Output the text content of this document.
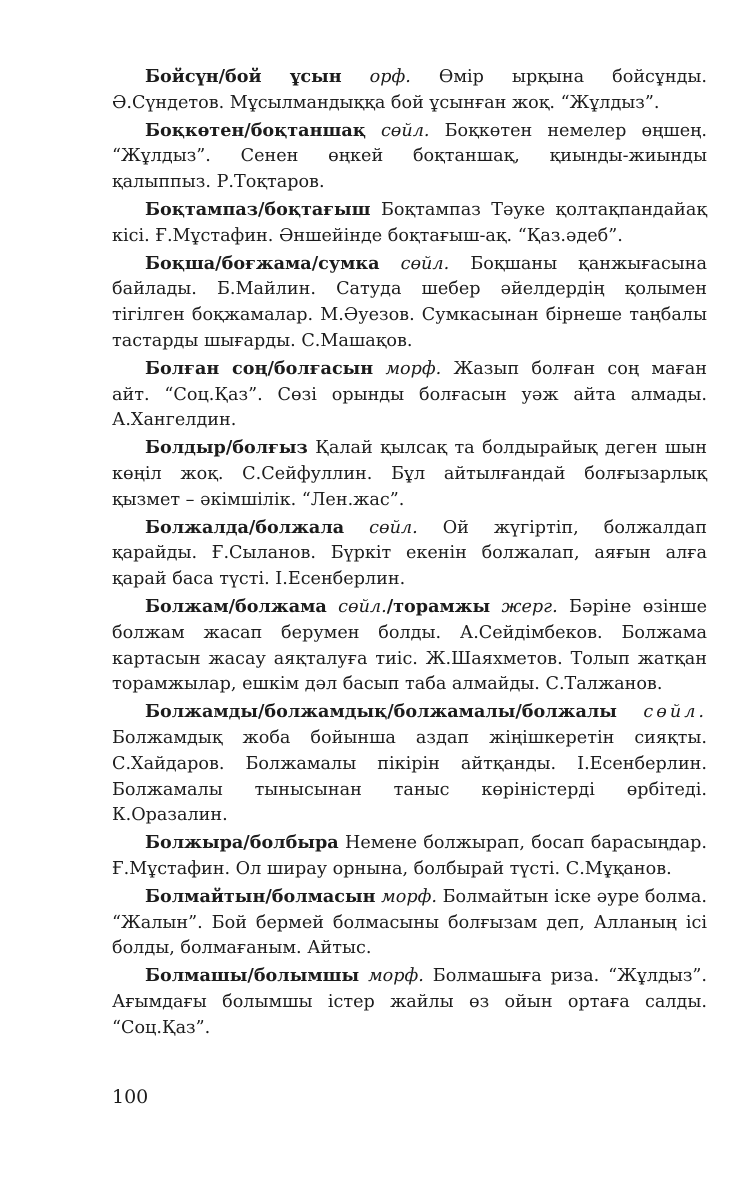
Бойсүн/бой ұсын орф. Өмір ырқына бойсұнды. Ә.Сүндетов. Мұсылмандыққа бой ұсынған жоқ. “Жұлдыз”.

Боқкөтен/боқтаншақ сөйл. Боқкөтен немелер өңшең. “Жұлдыз”. Сенен өңкей боқтаншақ, қиынды-жиынды қалыппыз. Р.Тоқтаров.

Боқтампаз/боқтағыш Боқтампаз Тәуке қолтақпандайақ кісі. Ғ.Мұстафин. Әншейінде боқтағыш-ақ. “Қаз.әдеб”.

Боқша/боғжама/сумка сөйл. Боқшаны қанжығасына байлады. Б.Майлин. Сатуда шебер әйелдердің қолымен тігілген боқжамалар. М.Әуезов. Сумкасынан бірнеше таңбалы тастарды шығарды. С.Машақов.

Болған соң/болғасын морф. Жазып болған соң маған айт. “Соц.Қаз”. Сөзі орынды болғасын уәж айта алмады. А.Хангелдин.

Болдыр/болғыз Қалай қылсақ та болдырайық деген шын көңіл жоқ. С.Сейфуллин. Бұл айтылғандай болғызарлық қызмет – әкімшілік. “Лен.жас”.

Болжалда/болжала сөйл. Ой жүгіртіп, болжалдап қарайды. Ғ.Сыланов. Бүркіт екенін болжалап, аяғын алға қарай баса түсті. І.Есенберлин.

Болжам/болжама сөйл./торамжы жерг. Бәріне өзінше болжам жасап берумен болды. А.Сейдімбеков. Болжама картасын жасау аяқталуға тиіс. Ж.Шаяхметов. Толып жатқан торамжылар, ешкім дәл басып таба алмайды. С.Талжанов.

Болжамды/болжамдық/болжамалы/болжалы сөйл. Болжамдық жоба бойынша аздап жіңішкеретін сияқты. С.Хайдаров. Болжамалы пікірін айтқанды. І.Есенберлин. Болжамалы тынысынан таныс көріністерді өрбітеді. К.Оразалин.

Болжыра/болбыра Немене болжырап, босап барасыңдар. Ғ.Мұстафин. Ол ширау орнына, болбырай түсті. С.Мұқанов.

Болмайтын/болмасын морф. Болмайтын іске әуре болма. “Жалын”. Бой бермей болмасыны болғызам деп, Алланың ісі болды, болмағаным. Айтыс.

Болмашы/болымшы морф. Болмашыға риза. “Жұлдыз”. Ағымдағы болымшы істер жайлы өз ойын ортаға салды. “Соц.Қаз”.

100
